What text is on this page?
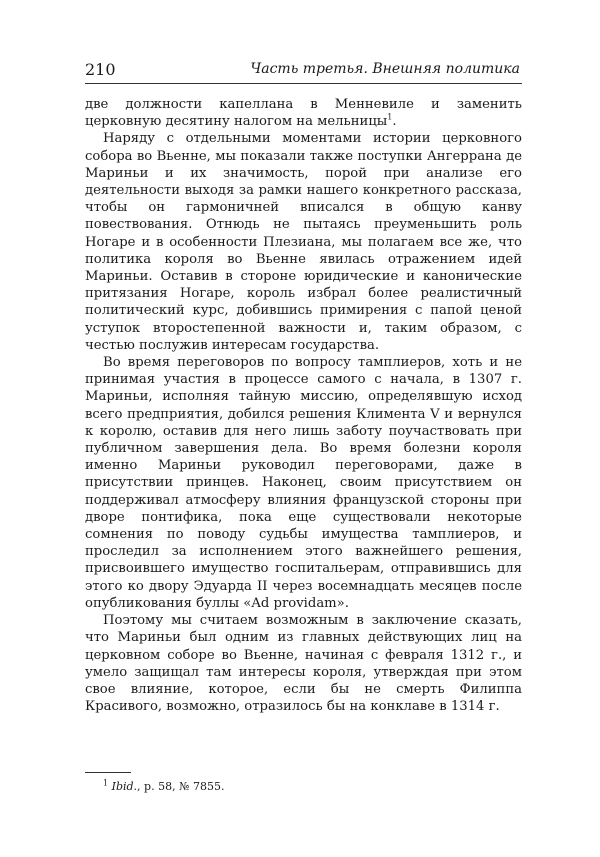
210	Часть третья. Внешняя политика

две должности капеллана в Менневиле и заменить церковную десятину налогом на мельницы$^1$.

Наряду с отдельными моментами истории церковного собора во Вьенне, мы показали также поступки Ангеррана де Мариньи и их значимость, порой при анализе его деятельности выходя за рамки нашего конкретного рассказа, чтобы он гармоничней вписался в общую канву повествования. Отнюдь не пытаясь преуменьшить роль Ногаре и в особенности Плезиана, мы полагаем все же, что политика короля во Вьенне явилась отражением идей Мариньи. Оставив в стороне юридические и канонические притязания Ногаре, король избрал более реалистичный политический курс, добившись примирения с папой ценой уступок второстепенной важности и, таким образом, с честью послужив интересам государства.

Во время переговоров по вопросу тамплиеров, хоть и не принимая участия в процессе самого с начала, в 1307 г. Мариньи, исполняя тайную миссию, определявшую исход всего предприятия, добился решения Климента V и вернулся к королю, оставив для него лишь заботу поучаствовать при публичном завершения дела. Во время болезни короля именно Мариньи руководил переговорами, даже в присутствии принцев. Наконец, своим присутствием он поддерживал атмосферу влияния французской стороны при дворе понтифика, пока еще существовали некоторые сомнения по поводу судьбы имущества тамплиеров, и проследил за исполнением этого важнейшего решения, присвоившего имущество госпитальерам, отправившись для этого ко двору Эдуарда II через восемнадцать месяцев после опубликования буллы «Ad providam».

Поэтому мы считаем возможным в заключение сказать, что Мариньи был одним из главных действующих лиц на церковном соборе во Вьенне, начиная с февраля 1312 г., и умело защищал там интересы короля, утверждая при этом свое влияние, которое, если бы не смерть Филиппа Красивого, возможно, отразилось бы на конклаве в 1314 г.

$^1$ Ibid., p. 58, № 7855.
